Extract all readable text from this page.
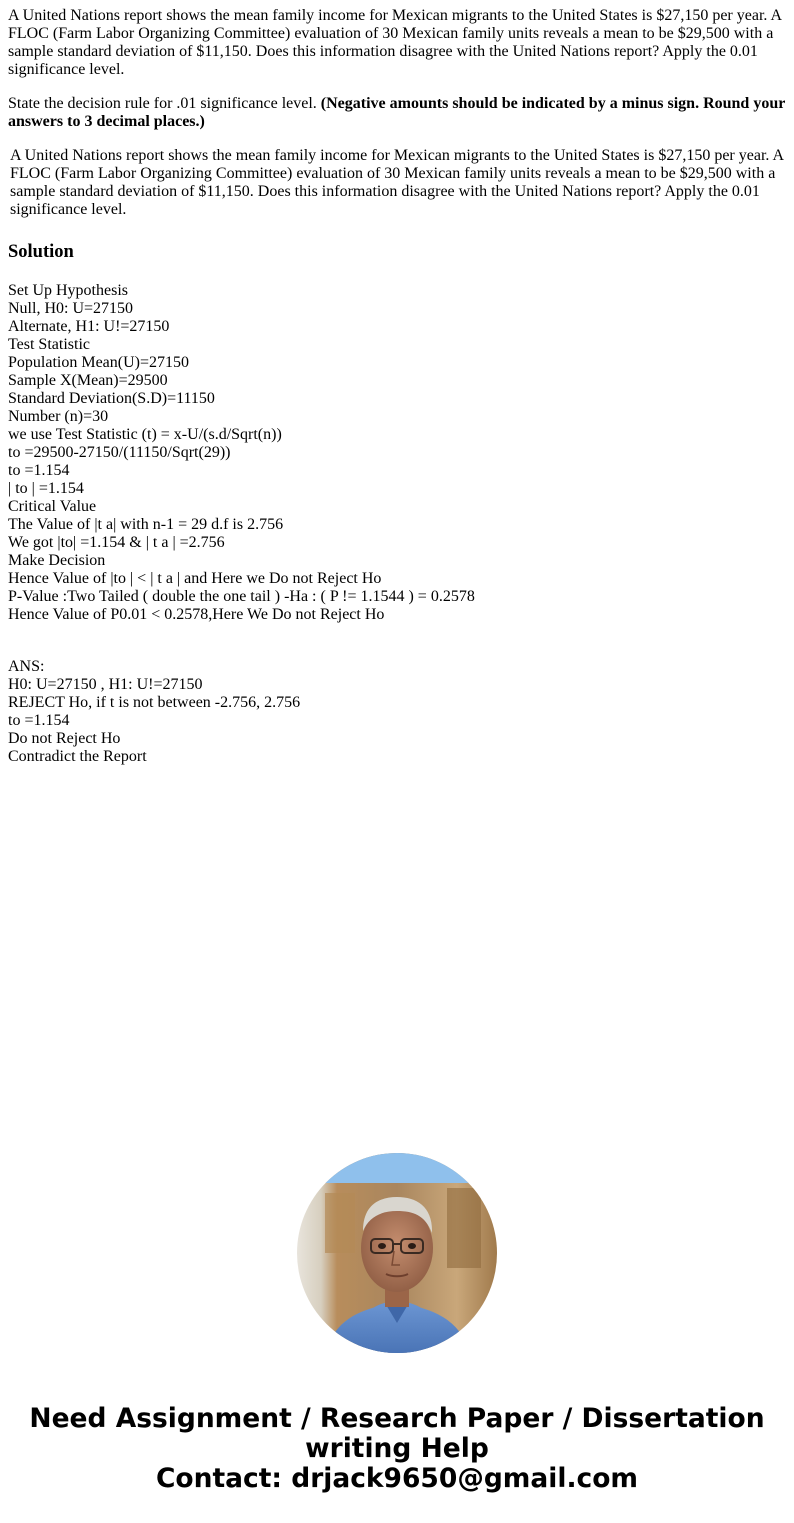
A United Nations report shows the mean family income for Mexican migrants to the United States is $27,150 per year. A FLOC (Farm Labor Organizing Committee) evaluation of 30 Mexican family units reveals a mean to be $29,500 with a sample standard deviation of $11,150. Does this information disagree with the United Nations report? Apply the 0.01 significance level.

State the decision rule for .01 significance level. (Negative amounts should be indicated by a minus sign. Round your answers to 3 decimal places.)

A United Nations report shows the mean family income for Mexican migrants to the United States is $27,150 per year. A FLOC (Farm Labor Organizing Committee) evaluation of 30 Mexican family units reveals a mean to be $29,500 with a sample standard deviation of $11,150. Does this information disagree with the United Nations report? Apply the 0.01 significance level.

Solution
Set Up Hypothesis
Null, H0: U=27150
Alternate, H1: U!=27150
Test Statistic
Population Mean(U)=27150
Sample X(Mean)=29500
Standard Deviation(S.D)=11150
Number (n)=30
we use Test Statistic (t) = x-U/(s.d/Sqrt(n))
to =29500-27150/(11150/Sqrt(29))
to =1.154
| to | =1.154
Critical Value
The Value of |t a| with n-1 = 29 d.f is 2.756
We got |to| =1.154 & | t a | =2.756
Make Decision
Hence Value of |to | < | t a | and Here we Do not Reject Ho
P-Value :Two Tailed ( double the one tail ) -Ha : ( P != 1.1544 ) = 0.2578
Hence Value of P0.01 < 0.2578,Here We Do not Reject Ho
ANS:
H0: U=27150 , H1: U!=27150
REJECT Ho, if t is not between -2.756, 2.756
to =1.154
Do not Reject Ho
Contradict the Report
Need Assignment / Research Paper / Dissertation
writing Help
Contact: drjack9650@gmail.com
